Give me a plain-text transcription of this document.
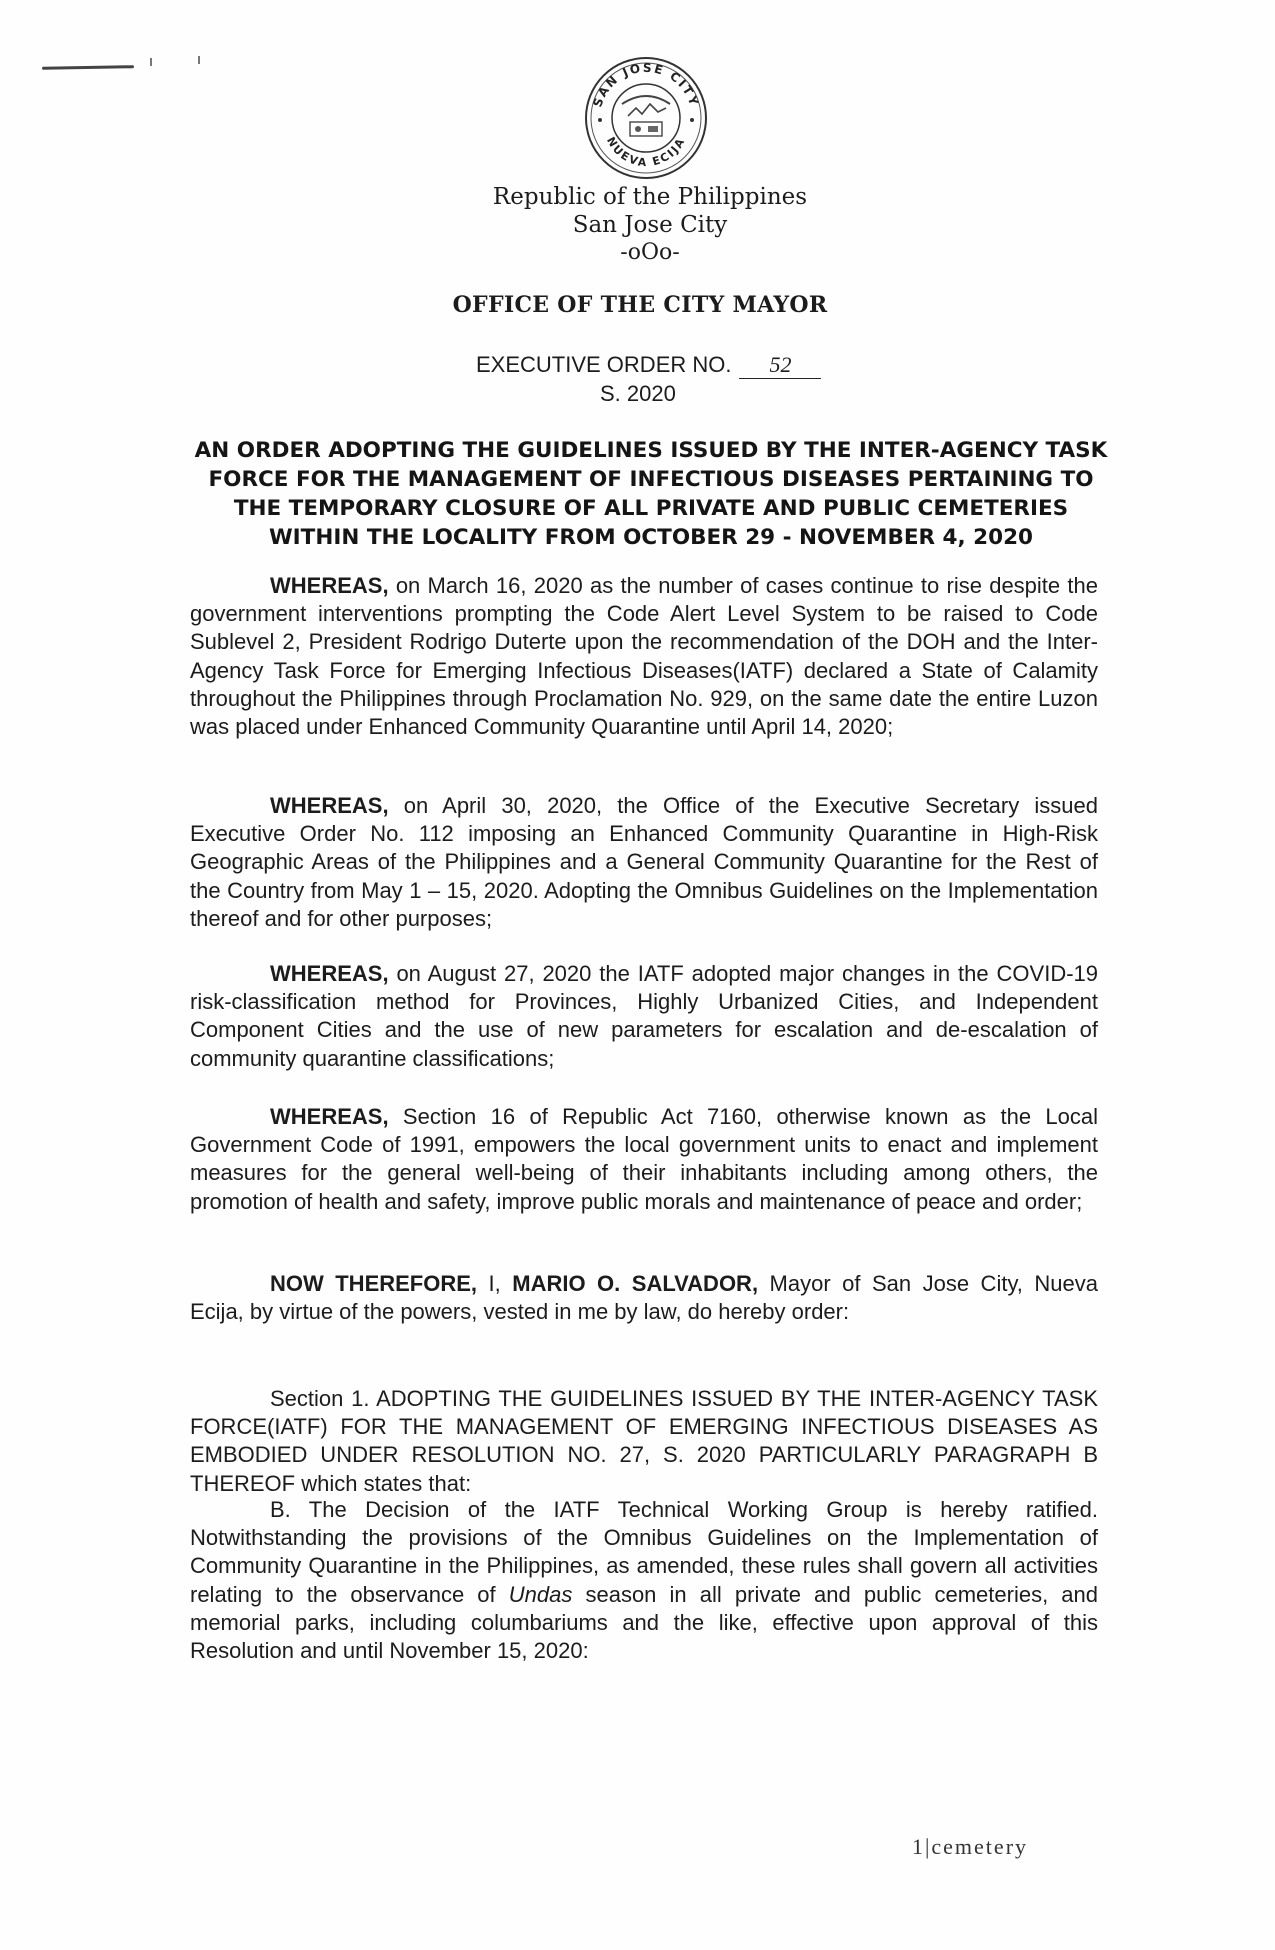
SAN JOSE CITY
NUEVA ECIJA
Republic of the Philippines
San Jose City
-oOo-
OFFICE OF THE CITY MAYOR
EXECUTIVE ORDER NO. 52
S. 2020

AN ORDER ADOPTING THE GUIDELINES ISSUED BY THE INTER-AGENCY TASK FORCE FOR THE MANAGEMENT OF INFECTIOUS DISEASES PERTAINING TO THE TEMPORARY CLOSURE OF ALL PRIVATE AND PUBLIC CEMETERIES WITHIN THE LOCALITY FROM OCTOBER 29 - NOVEMBER 4, 2020

WHEREAS, on March 16, 2020 as the number of cases continue to rise despite the government interventions prompting the Code Alert Level System to be raised to Code Sublevel 2, President Rodrigo Duterte upon the recommendation of the DOH and the Inter-Agency Task Force for Emerging Infectious Diseases(IATF) declared a State of Calamity throughout the Philippines through Proclamation No. 929, on the same date the entire Luzon was placed under Enhanced Community Quarantine until April 14, 2020;

WHEREAS, on April 30, 2020, the Office of the Executive Secretary issued Executive Order No. 112 imposing an Enhanced Community Quarantine in High-Risk Geographic Areas of the Philippines and a General Community Quarantine for the Rest of the Country from May 1 – 15, 2020. Adopting the Omnibus Guidelines on the Implementation thereof and for other purposes;

WHEREAS, on August 27, 2020 the IATF adopted major changes in the COVID-19 risk-classification method for Provinces, Highly Urbanized Cities, and Independent Component Cities and the use of new parameters for escalation and de-escalation of community quarantine classifications;

WHEREAS, Section 16 of Republic Act 7160, otherwise known as the Local Government Code of 1991, empowers the local government units to enact and implement measures for the general well-being of their inhabitants including among others, the promotion of health and safety, improve public morals and maintenance of peace and order;

NOW THEREFORE, I, MARIO O. SALVADOR, Mayor of San Jose City, Nueva Ecija, by virtue of the powers, vested in me by law, do hereby order:

Section 1. ADOPTING THE GUIDELINES ISSUED BY THE INTER-AGENCY TASK FORCE(IATF) FOR THE MANAGEMENT OF EMERGING INFECTIOUS DISEASES AS EMBODIED UNDER RESOLUTION NO. 27, S. 2020 PARTICULARLY PARAGRAPH B THEREOF which states that:

B. The Decision of the IATF Technical Working Group is hereby ratified. Notwithstanding the provisions of the Omnibus Guidelines on the Implementation of Community Quarantine in the Philippines, as amended, these rules shall govern all activities relating to the observance of Undas season in all private and public cemeteries, and memorial parks, including columbariums and the like, effective upon approval of this Resolution and until November 15, 2020:

1|cemetery
